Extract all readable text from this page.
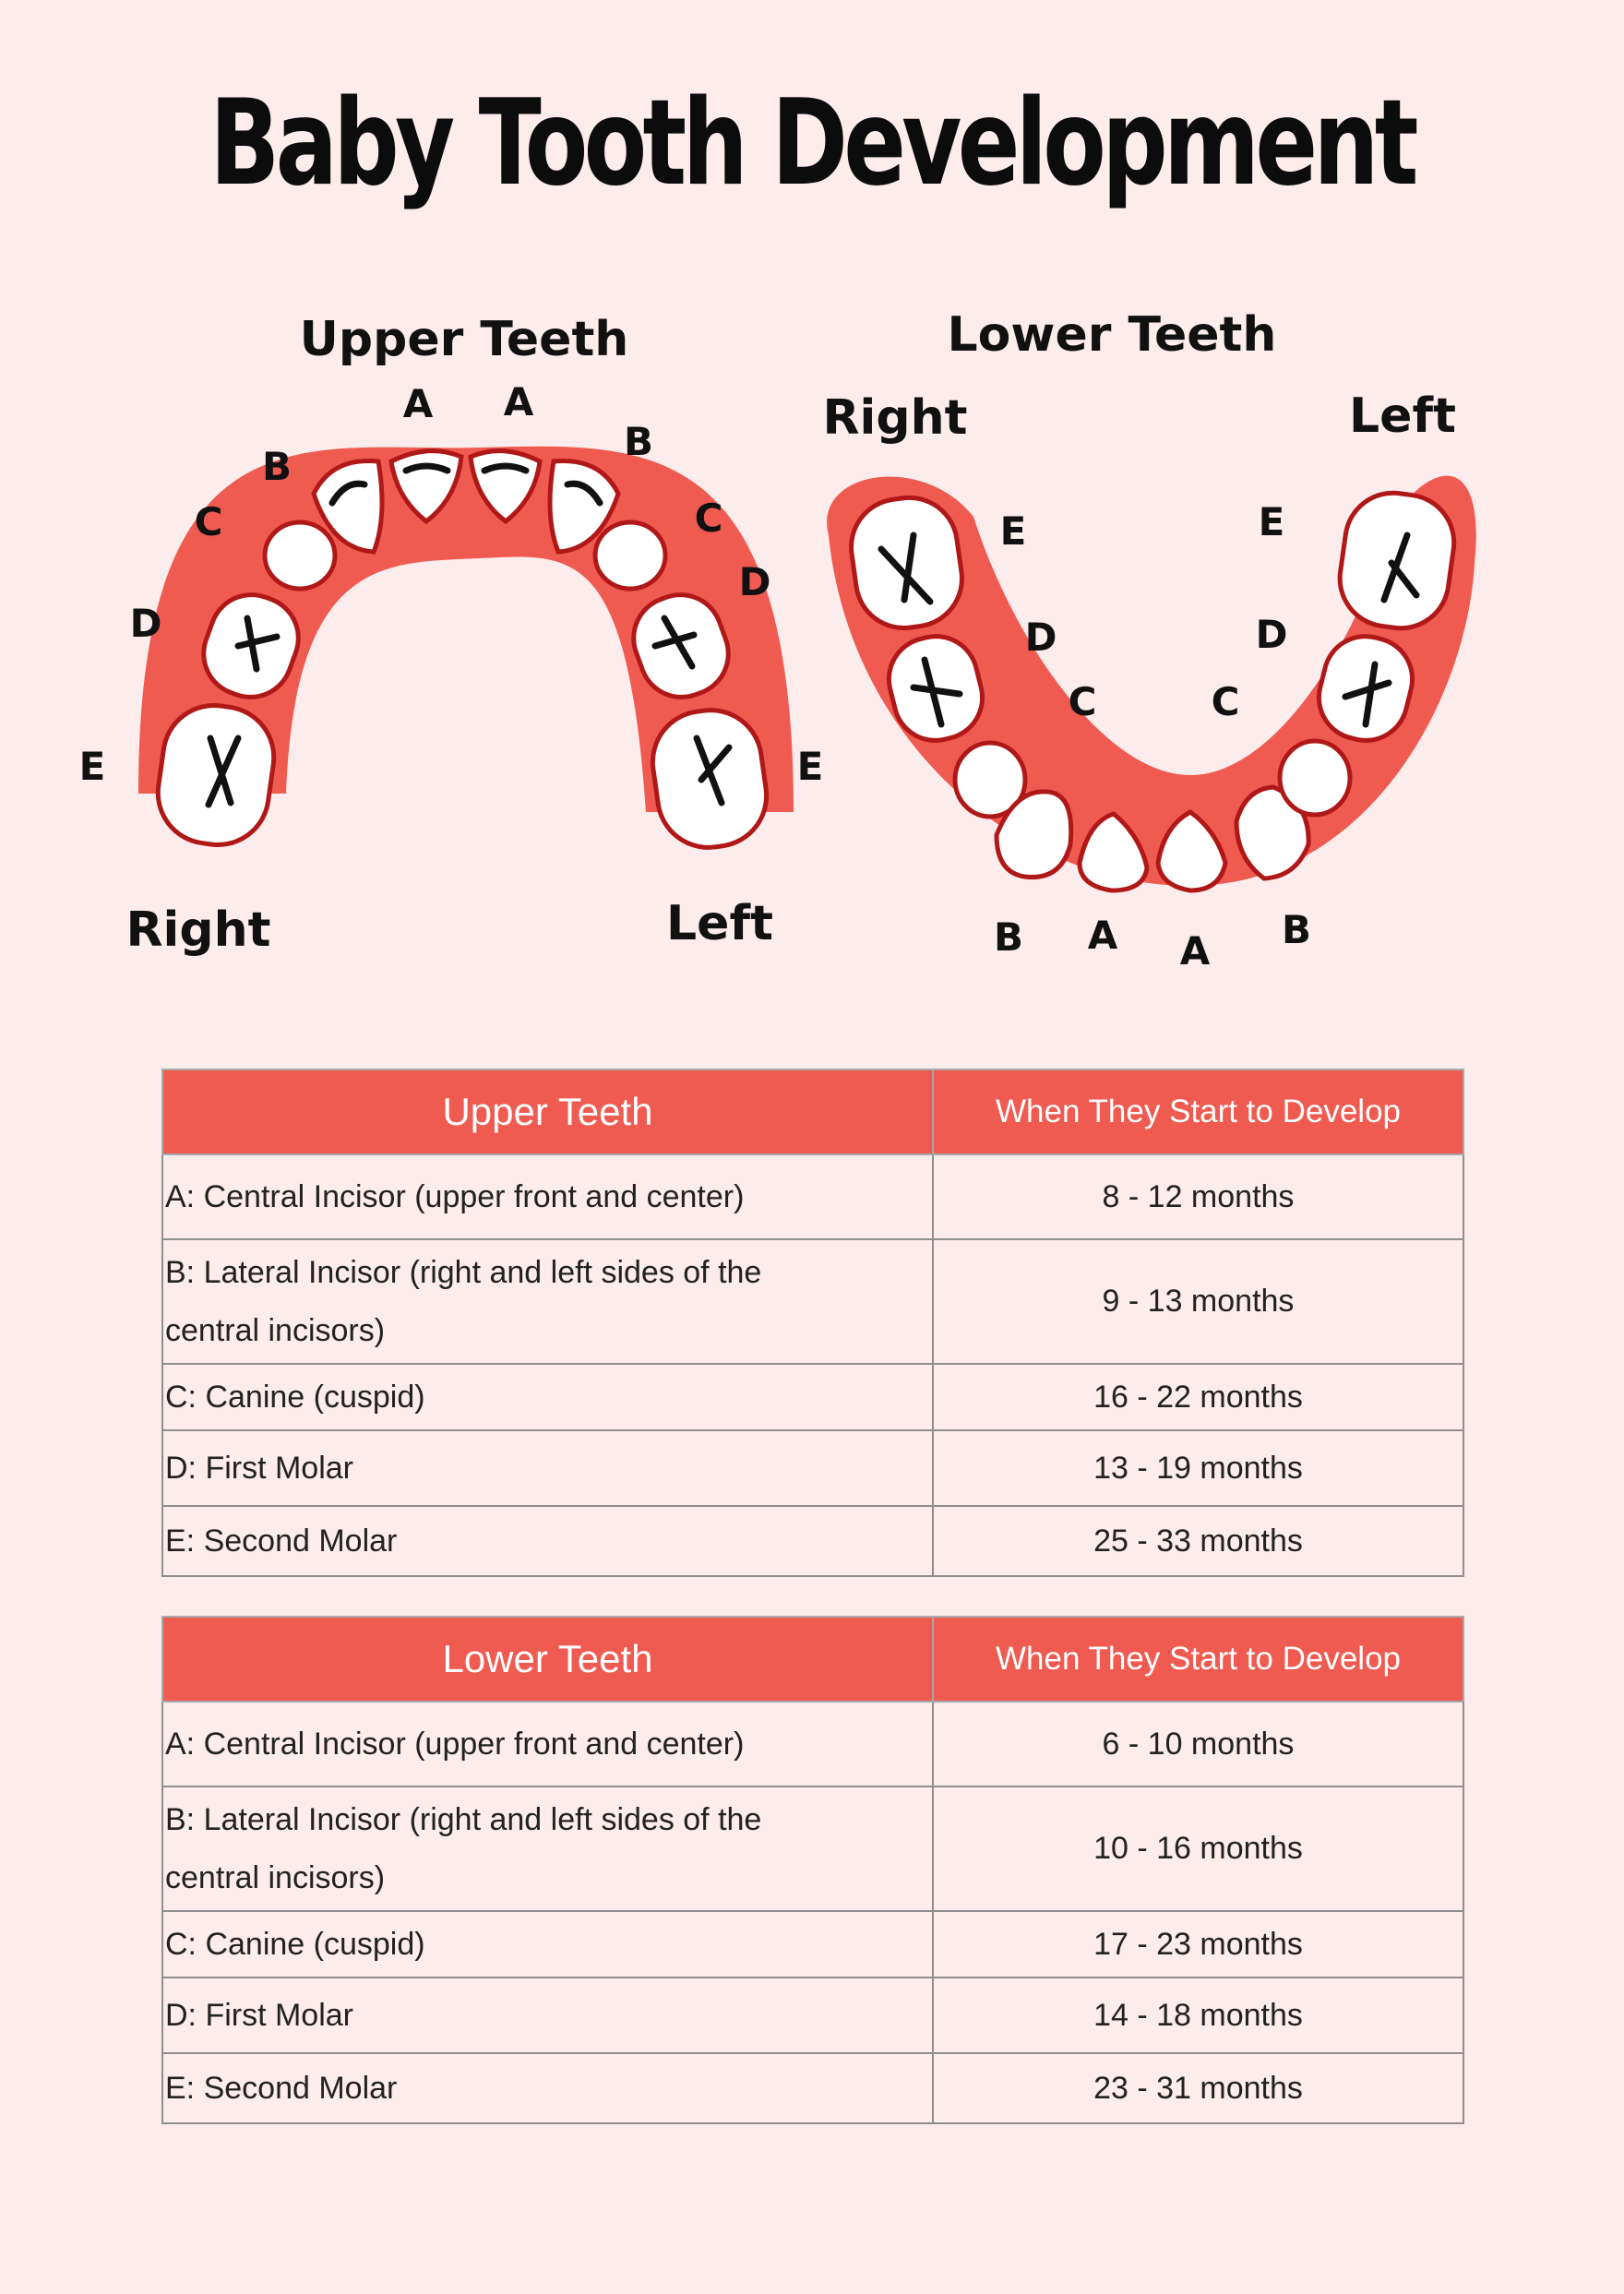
Baby Tooth Development
Upper Teeth
A A
B
B
C	C
D
D
E	E
Right	Left
Lower Teeth
Right	Left
E	E
D	D
C	C
B A A B
Upper Teeth	When They Start to Develop
A: Central Incisor (upper front and center)	8 - 12 months

B: Lateral Incisor (right and left sides of the
central incisors)	9 - 13 months
C: Canine (cuspid)	16 - 22 months
D: First Molar	13 - 19 months
E: Second Molar	25 - 33 months
Lower Teeth	When They Start to Develop
A: Central Incisor (upper front and center)	6 - 10 months

B: Lateral Incisor (right and left sides of the
central incisors)	10 - 16 months
C: Canine (cuspid)	17 - 23 months
D: First Molar	14 - 18 months
E: Second Molar	23 - 31 months
